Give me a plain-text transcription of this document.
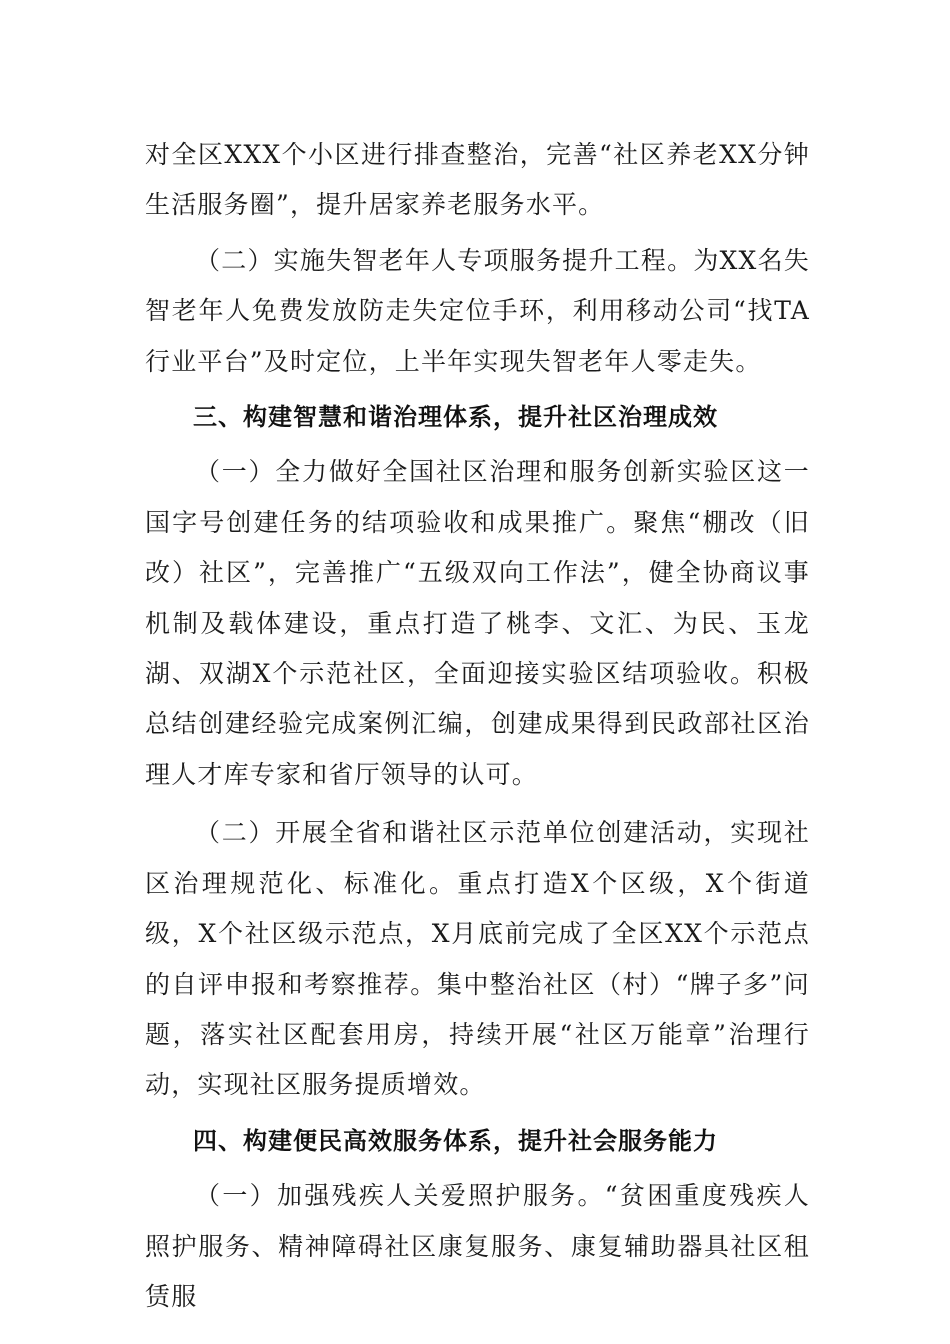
对全区XXX个小区进行排查整治，完善“社区养老XX分钟生活服务圈”，提升居家养老服务水平。

（二）实施失智老年人专项服务提升工程。为XX名失智老年人免费发放防走失定位手环，利用移动公司“找TA行业平台”及时定位，上半年实现失智老年人零走失。

三、构建智慧和谐治理体系，提升社区治理成效

（一）全力做好全国社区治理和服务创新实验区这一国字号创建任务的结项验收和成果推广。聚焦“棚改（旧改）社区”，完善推广“五级双向工作法”，健全协商议事机制及载体建设，重点打造了桃李、文汇、为民、玉龙湖、双湖X个示范社区，全面迎接实验区结项验收。积极总结创建经验完成案例汇编，创建成果得到民政部社区治理人才库专家和省厅领导的认可。

（二）开展全省和谐社区示范单位创建活动，实现社区治理规范化、标准化。重点打造X个区级，X个街道级，X个社区级示范点，X月底前完成了全区XX个示范点的自评申报和考察推荐。集中整治社区（村）“牌子多”问题，落实社区配套用房，持续开展“社区万能章”治理行动，实现社区服务提质增效。

四、构建便民高效服务体系，提升社会服务能力

（一）加强残疾人关爱照护服务。“贫困重度残疾人照护服务、精神障碍社区康复服务、康复辅助器具社区租赁服
